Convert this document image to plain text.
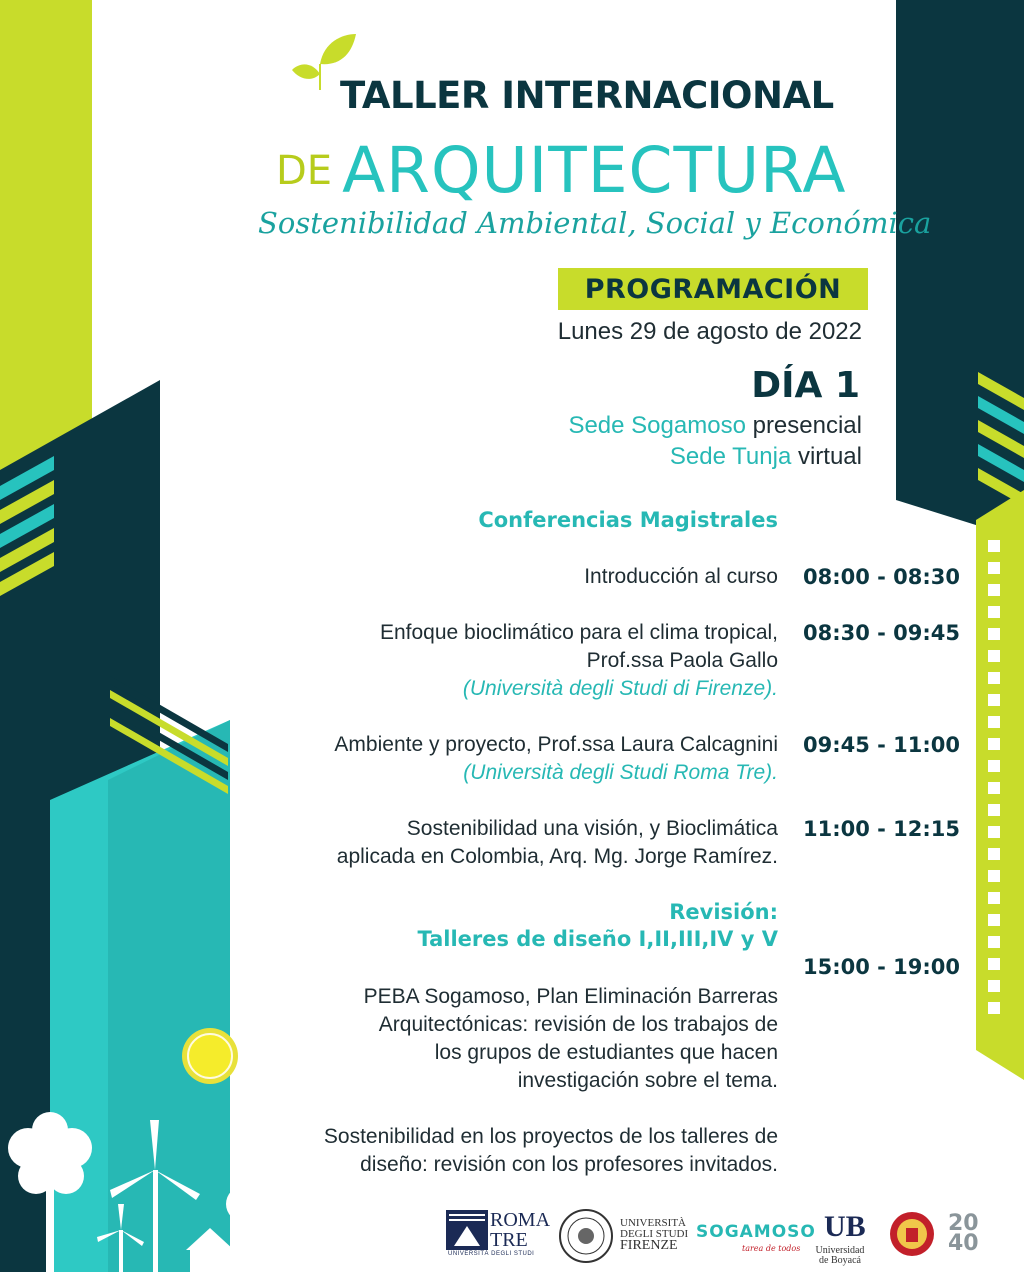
TALLER INTERNACIONAL
DE ARQUITECTURA
Sostenibilidad Ambiental, Social y Económica
PROGRAMACIÓN
Lunes 29 de agosto de 2022
DÍA 1
Sede Sogamoso presencial
Sede Tunja virtual
Conferencias Magistrales
Introducción al curso	08:00 - 08:30
Enfoque bioclimático para el clima tropical,
Prof.ssa Paola Gallo
(Università degli Studi di Firenze).
08:30 - 09:45
Ambiente y proyecto, Prof.ssa Laura Calcagnini
(Università degli Studi Roma Tre).
09:45 - 11:00
Sostenibilidad una visión, y Bioclimática
aplicada en Colombia, Arq. Mg. Jorge Ramírez.
11:00 - 12:15
Revisión:
Talleres de diseño I,II,III,IV y V
15:00 - 19:00
PEBA Sogamoso, Plan Eliminación Barreras
Arquitectónicas: revisión de los trabajos de
los grupos de estudiantes que hacen
investigación sobre el tema.
Sostenibilidad en los proyectos de los talleres de
diseño: revisión con los profesores invitados.
ROMA TRE
UNIVERSITÀ DEGLI STUDI
UNIVERSITÀ
DEGLI STUDI
FIRENZE
SOGAMOSO
tarea de todos
UB
Universidad
de Boyacá
20 40
